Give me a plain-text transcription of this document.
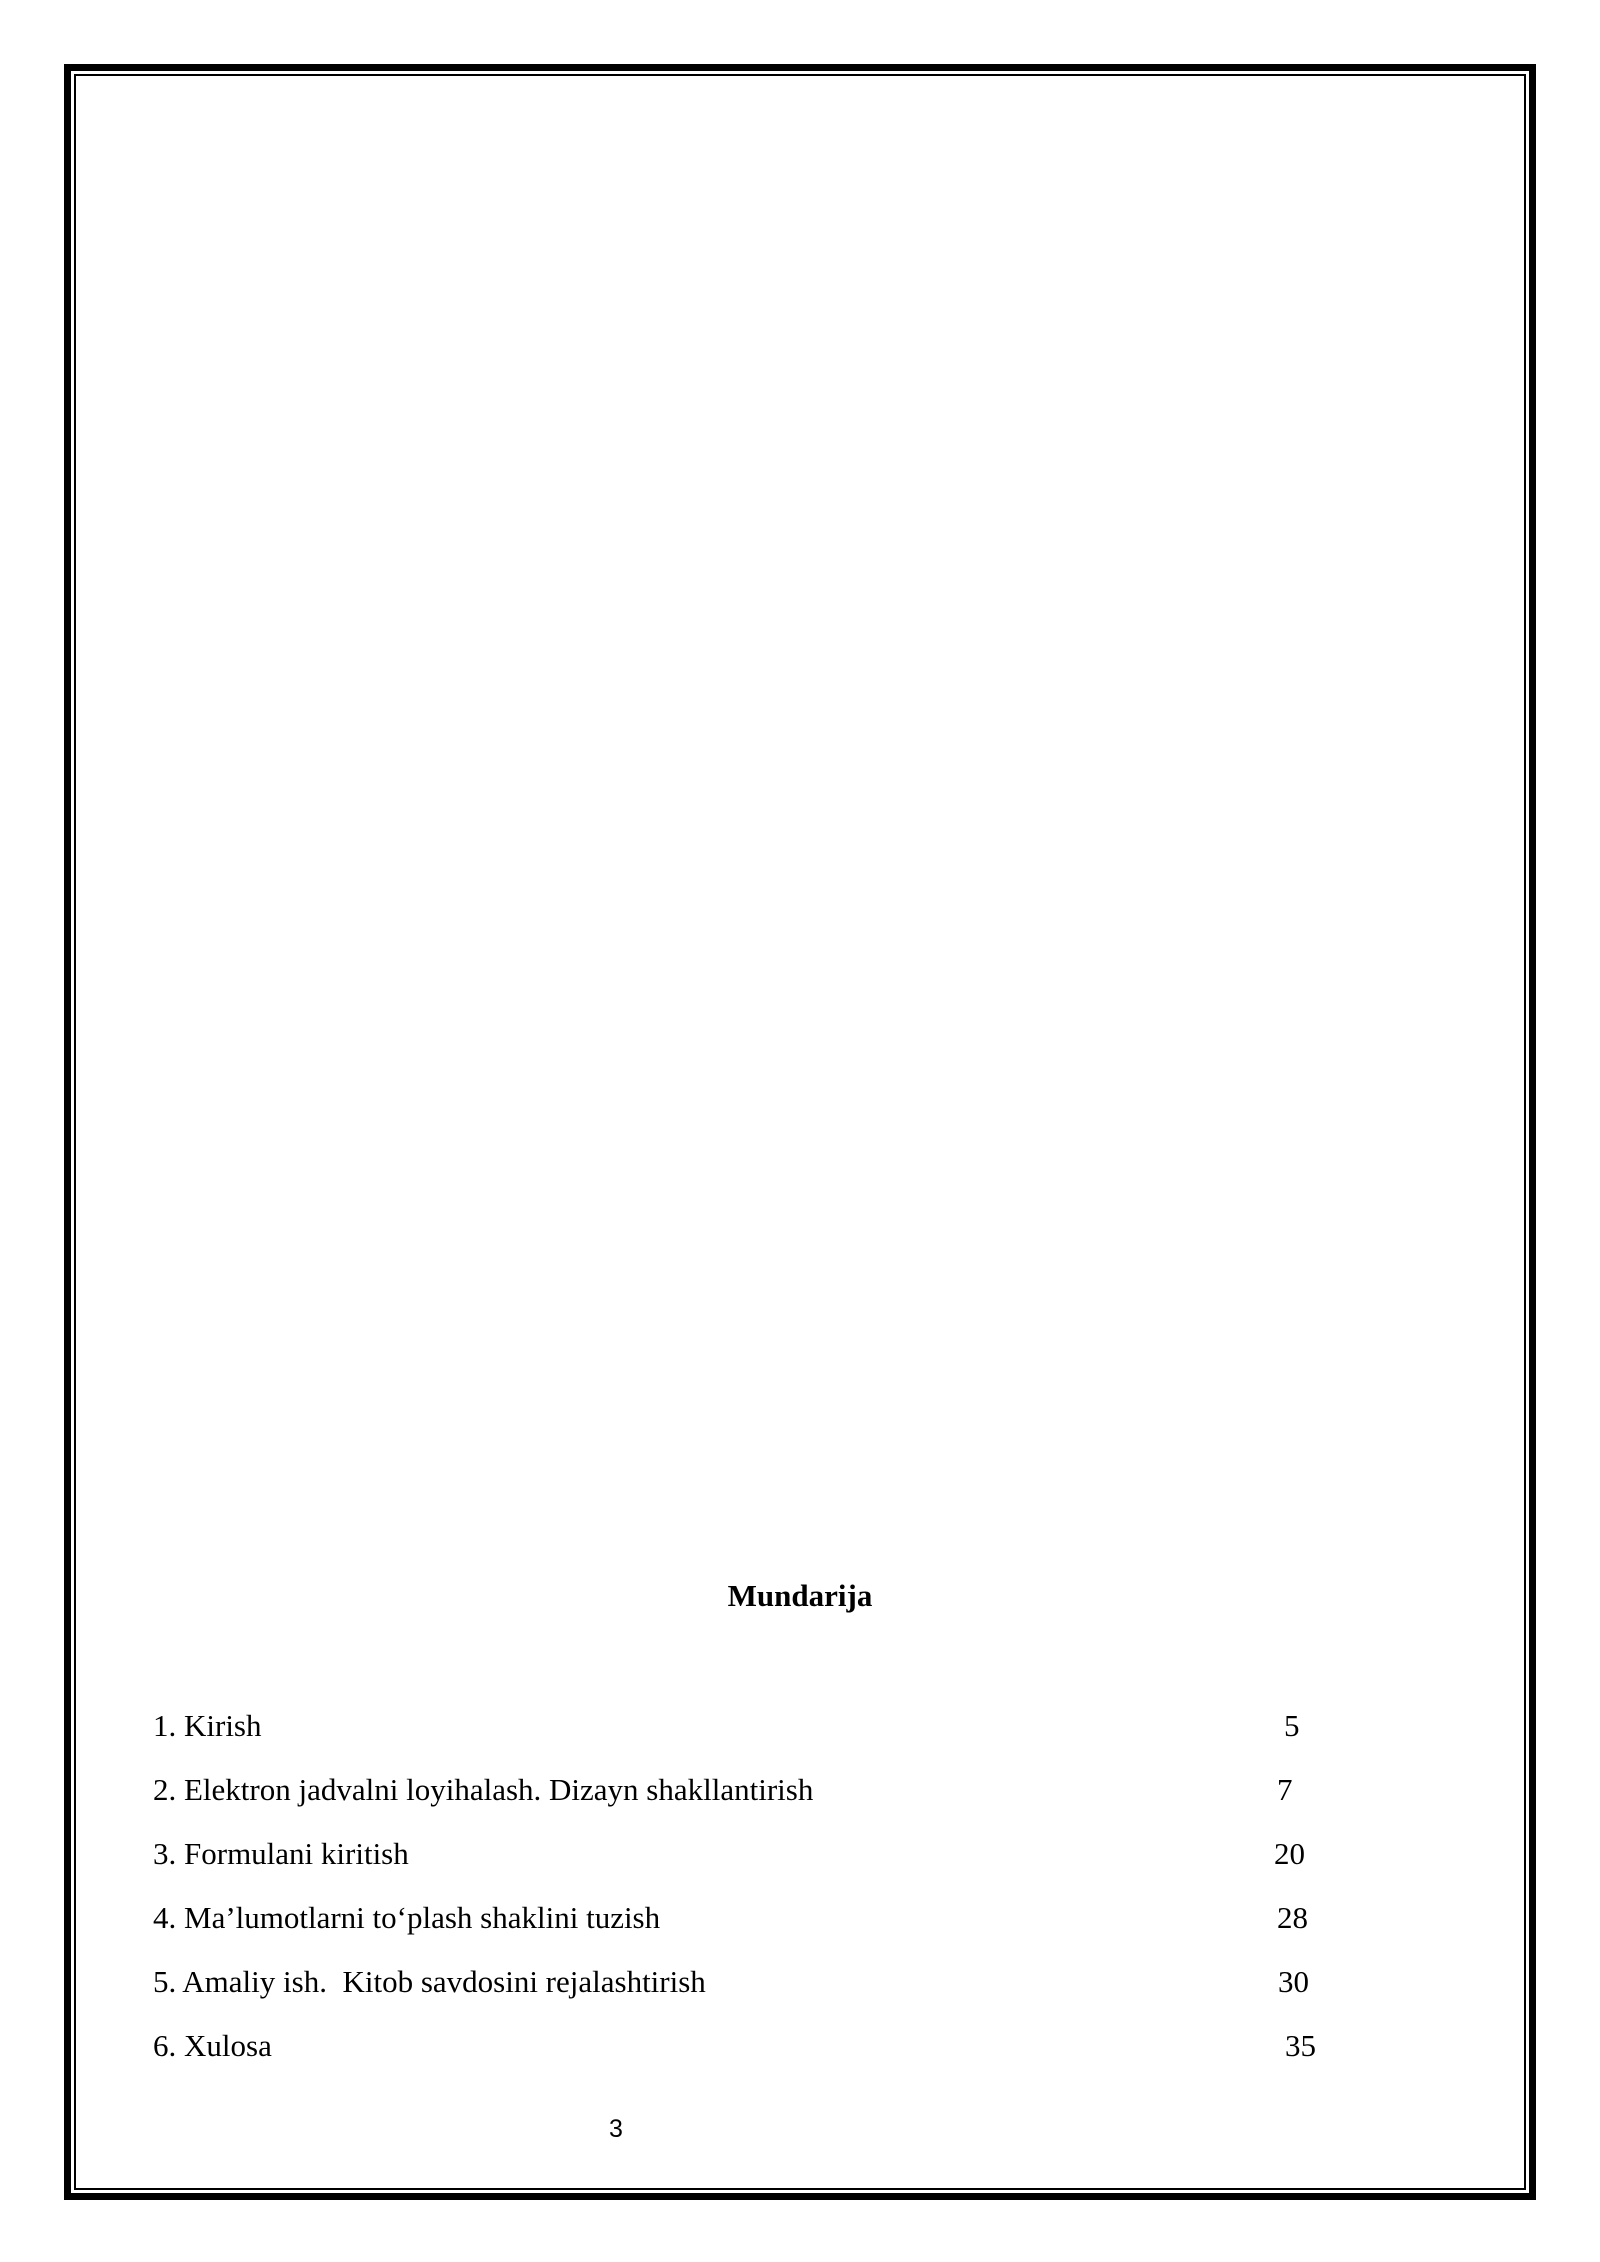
Mundarija
1. Kirish	5
2. Elektron jadvalni loyihalash. Dizayn shakllantirish	7
3. Formulani kiritish	20
4. Ma’lumotlarni to‘plash shaklini tuzish	28
5. Amaliy ish.  Kitob savdosini rejalashtirish	30
6. Xulosa	35
3
